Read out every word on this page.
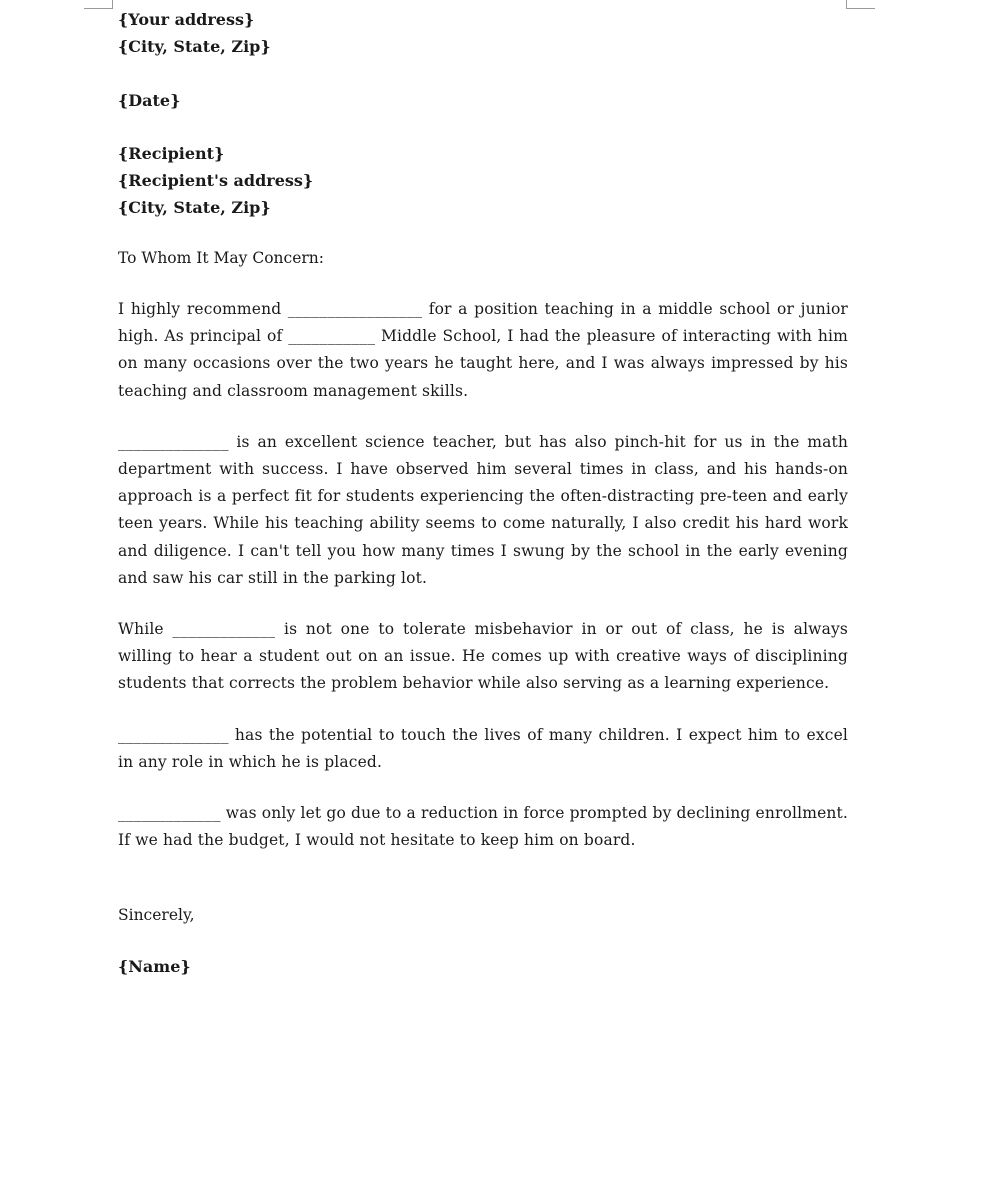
{Your address}
{City, State, Zip}
{Date}
{Recipient}
{Recipient's address}
{City, State, Zip}
To Whom It May Concern:

I highly recommend _________________ for a position teaching in a middle school or junior high. As principal of ___________ Middle School, I had the pleasure of interacting with him on many occasions over the two years he taught here, and I was always impressed by his teaching and classroom management skills.

______________ is an excellent science teacher, but has also pinch-hit for us in the math department with success. I have observed him several times in class, and his hands-on approach is a perfect fit for students experiencing the often-distracting pre-teen and early teen years. While his teaching ability seems to come naturally, I also credit his hard work and diligence. I can't tell you how many times I swung by the school in the early evening and saw his car still in the parking lot.

While _____________ is not one to tolerate misbehavior in or out of class, he is always willing to hear a student out on an issue. He comes up with creative ways of disciplining students that corrects the problem behavior while also serving as a learning experience.

______________ has the potential to touch the lives of many children. I expect him to excel in any role in which he is placed.

_____________ was only let go due to a reduction in force prompted by declining enrollment. If we had the budget, I would not hesitate to keep him on board.

Sincerely,
{Name}
